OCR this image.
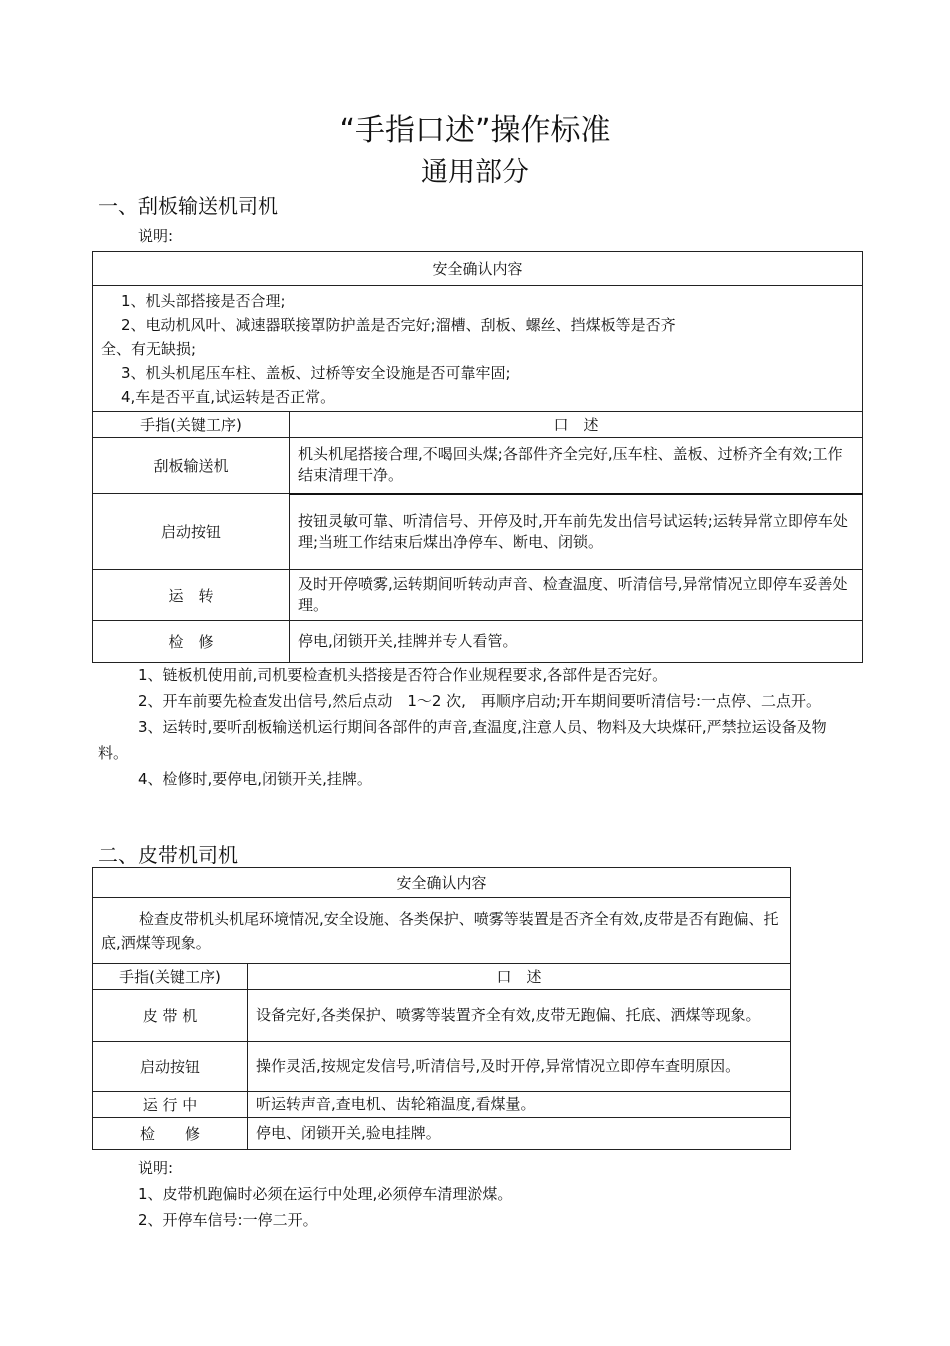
“手指口述”操作标准
通用部分
一、刮板输送机司机
说明:
安全确认内容	

1、机头部搭接是否合理;

2、电动机风叶、减速器联接罩防护盖是否完好;溜槽、刮板、螺丝、挡煤板等是否齐

全、有无缺损;

3、机头机尾压车柱、盖板、过桥等安全设施是否可靠牢固;

4,车是否平直,试运转是否正常。	

手指(关键工序)	口　述
刮板输送机	机头机尾搭接合理,不喝回头煤;各部件齐全完好,压车柱、盖板、过桥齐全有效;工作结束清理干净。

启动按钮	按钮灵敏可靠、听清信号、开停及时,开车前先发出信号试运转;运转异常立即停车处理;当班工作结束后煤出净停车、断电、闭锁。

运　转	及时开停喷雾,运转期间听转动声音、检查温度、听清信号,异常情况立即停车妥善处理。

检　修	停电,闭锁开关,挂牌并专人看管。

1、链板机使用前,司机要检查机头搭接是否符合作业规程要求,各部件是否完好。

2、开车前要先检查发出信号,然后点动　1～2 次,　再顺序启动;开车期间要听清信号:一点停、二点开。

3、运转时,要听刮板输送机运行期间各部件的声音,查温度,注意人员、物料及大块煤矸,严禁拉运设备及物料。

4、检修时,要停电,闭锁开关,挂牌。

二、皮带机司机
安全确认内容	

检查皮带机头机尾环境情况,安全设施、各类保护、喷雾等装置是否齐全有效,皮带是否有跑偏、托底,洒煤等现象。	

手指(关键工序)	口　述
皮 带 机	设备完好,各类保护、喷雾等装置齐全有效,皮带无跑偏、托底、洒煤等现象。

启动按钮	操作灵活,按规定发信号,听清信号,及时开停,异常情况立即停车查明原因。

运 行 中	听运转声音,查电机、齿轮箱温度,看煤量。

检　　修	停电、闭锁开关,验电挂牌。

说明:

1、皮带机跑偏时必须在运行中处理,必须停车清理淤煤。

2、开停车信号:一停二开。
